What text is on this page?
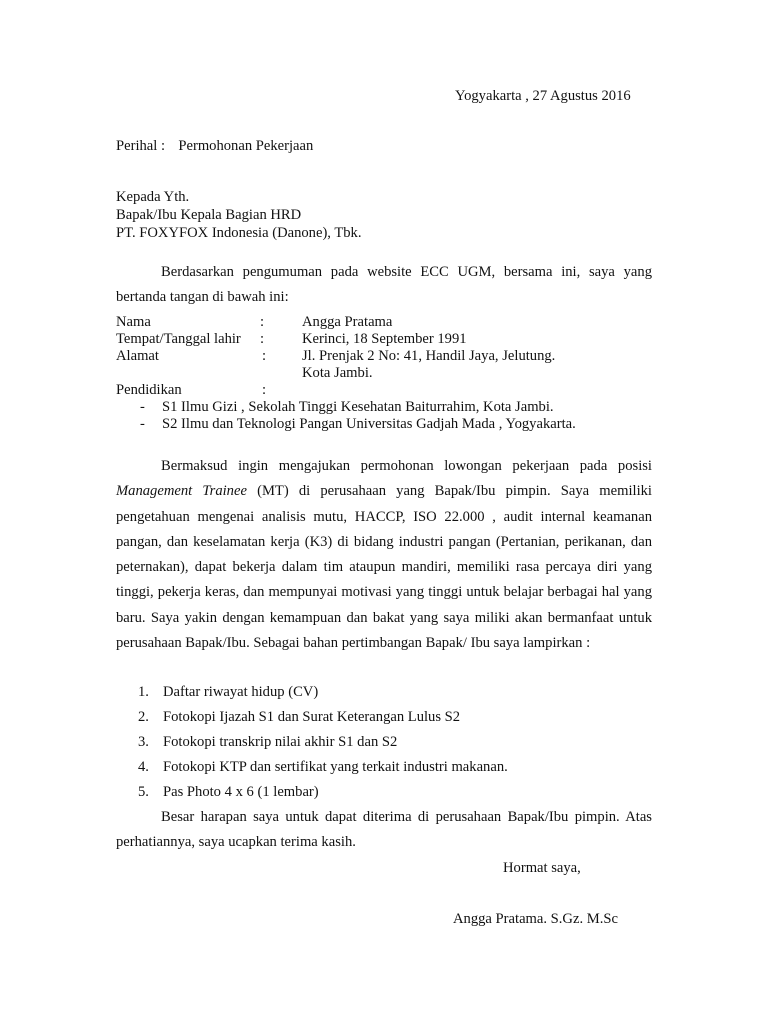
Yogyakarta , 27 Agustus 2016
Perihal : Permohonan Pekerjaan
Kepada Yth.
Bapak/Ibu Kepala Bagian HRD
PT. FOXYFOX Indonesia (Danone), Tbk.
Berdasarkan pengumuman pada website ECC UGM, bersama ini, saya yang bertanda tangan di bawah ini:
Nama	:	Angga Pratama
Tempat/Tanggal lahir :	Kerinci, 18 September 1991
Alamat	: Jl. Prenjak 2 No: 41, Handil Jaya, Jelutung.
Kota Jambi.
Pendidikan	:
- S1 Ilmu Gizi , Sekolah Tinggi Kesehatan Baiturrahim, Kota Jambi.
- S2 Ilmu dan Teknologi Pangan Universitas Gadjah Mada , Yogyakarta.
Bermaksud ingin mengajukan permohonan lowongan pekerjaan pada posisi Management Trainee (MT) di perusahaan yang Bapak/Ibu pimpin. Saya memiliki pengetahuan mengenai analisis mutu, HACCP, ISO 22.000 , audit internal keamanan pangan, dan keselamatan kerja (K3) di bidang industri pangan (Pertanian, perikanan, dan peternakan), dapat bekerja dalam tim ataupun mandiri, memiliki rasa percaya diri yang tinggi, pekerja keras, dan mempunyai motivasi yang tinggi untuk belajar berbagai hal yang baru. Saya yakin dengan kemampuan dan bakat yang saya miliki akan bermanfaat untuk perusahaan Bapak/Ibu. Sebagai bahan pertimbangan Bapak/ Ibu saya lampirkan :
1. Daftar riwayat hidup (CV)
2. Fotokopi Ijazah S1 dan Surat Keterangan Lulus S2
3. Fotokopi transkrip nilai akhir S1 dan S2
4. Fotokopi KTP dan sertifikat yang terkait industri makanan.
5. Pas Photo 4 x 6 (1 lembar)
Besar harapan saya untuk dapat diterima di perusahaan Bapak/Ibu pimpin. Atas perhatiannya, saya ucapkan terima kasih.
Hormat saya,
Angga Pratama. S.Gz. M.Sc
